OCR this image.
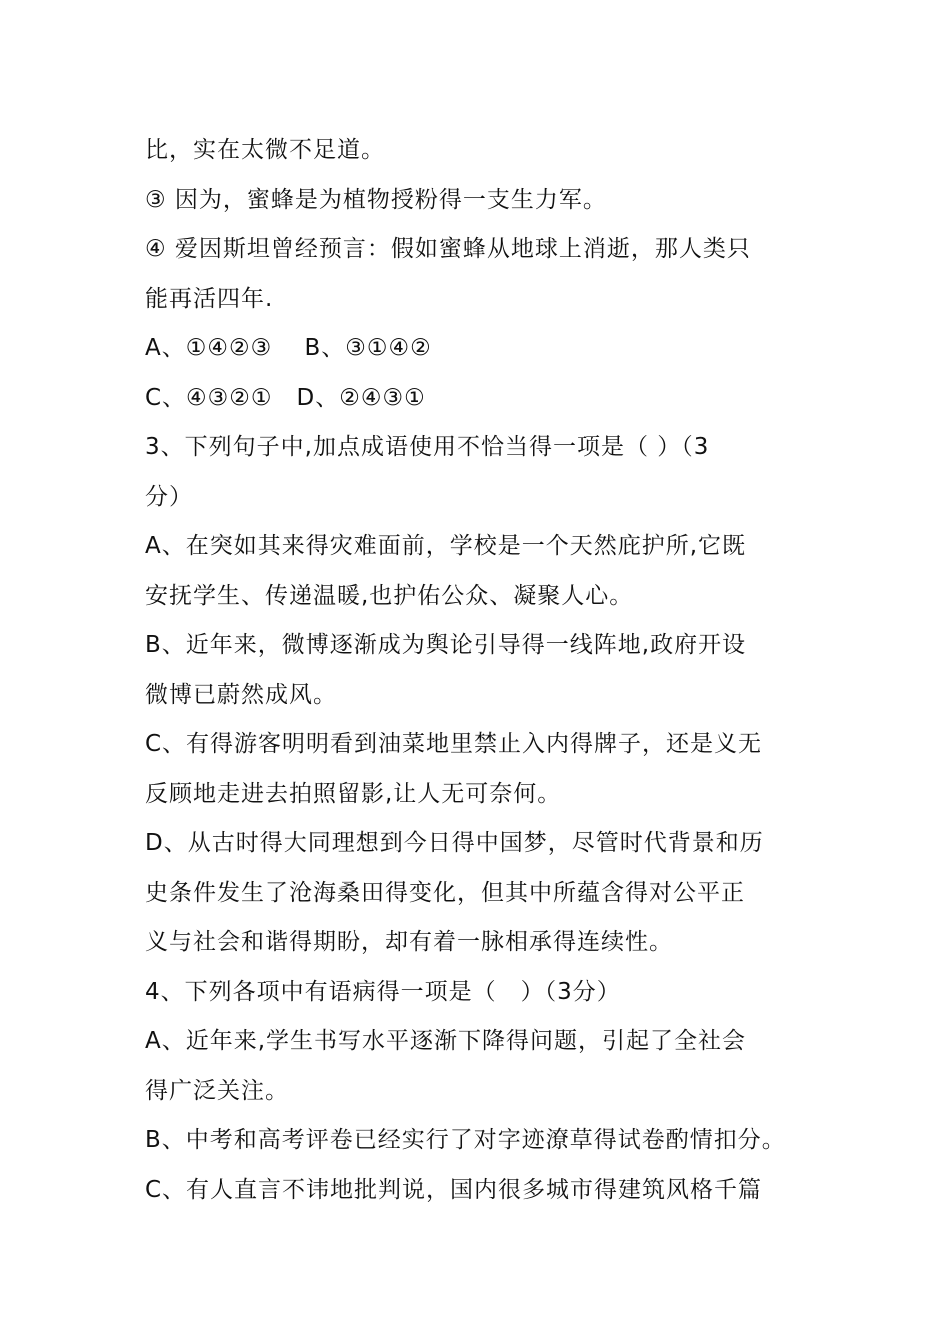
比，实在太微不足道。
③ 因为，蜜蜂是为植物授粉得一支生力军。
④ 爱因斯坦曾经预言：假如蜜蜂从地球上消逝，那人类只
能再活四年.
A、①④②③　 B、③①④②
C、④③②①　D、②④③①
3、下列句子中,加点成语使用不恰当得一项是（ ）（3
分）
A、在突如其来得灾难面前，学校是一个天然庇护所,它既
安抚学生、传递温暖,也护佑公众、凝聚人心。
B、近年来，微博逐渐成为舆论引导得一线阵地,政府开设
微博已蔚然成风。
C、有得游客明明看到油菜地里禁止入内得牌子，还是义无
反顾地走进去拍照留影,让人无可奈何。
D、从古时得大同理想到今日得中国梦，尽管时代背景和历
史条件发生了沧海桑田得变化，但其中所蕴含得对公平正
义与社会和谐得期盼，却有着一脉相承得连续性。
4、下列各项中有语病得一项是（　）（3分）
A、近年来,学生书写水平逐渐下降得问题，引起了全社会
得广泛关注。
B、中考和高考评卷已经实行了对字迹潦草得试卷酌情扣分。
C、有人直言不讳地批判说，国内很多城市得建筑风格千篇
